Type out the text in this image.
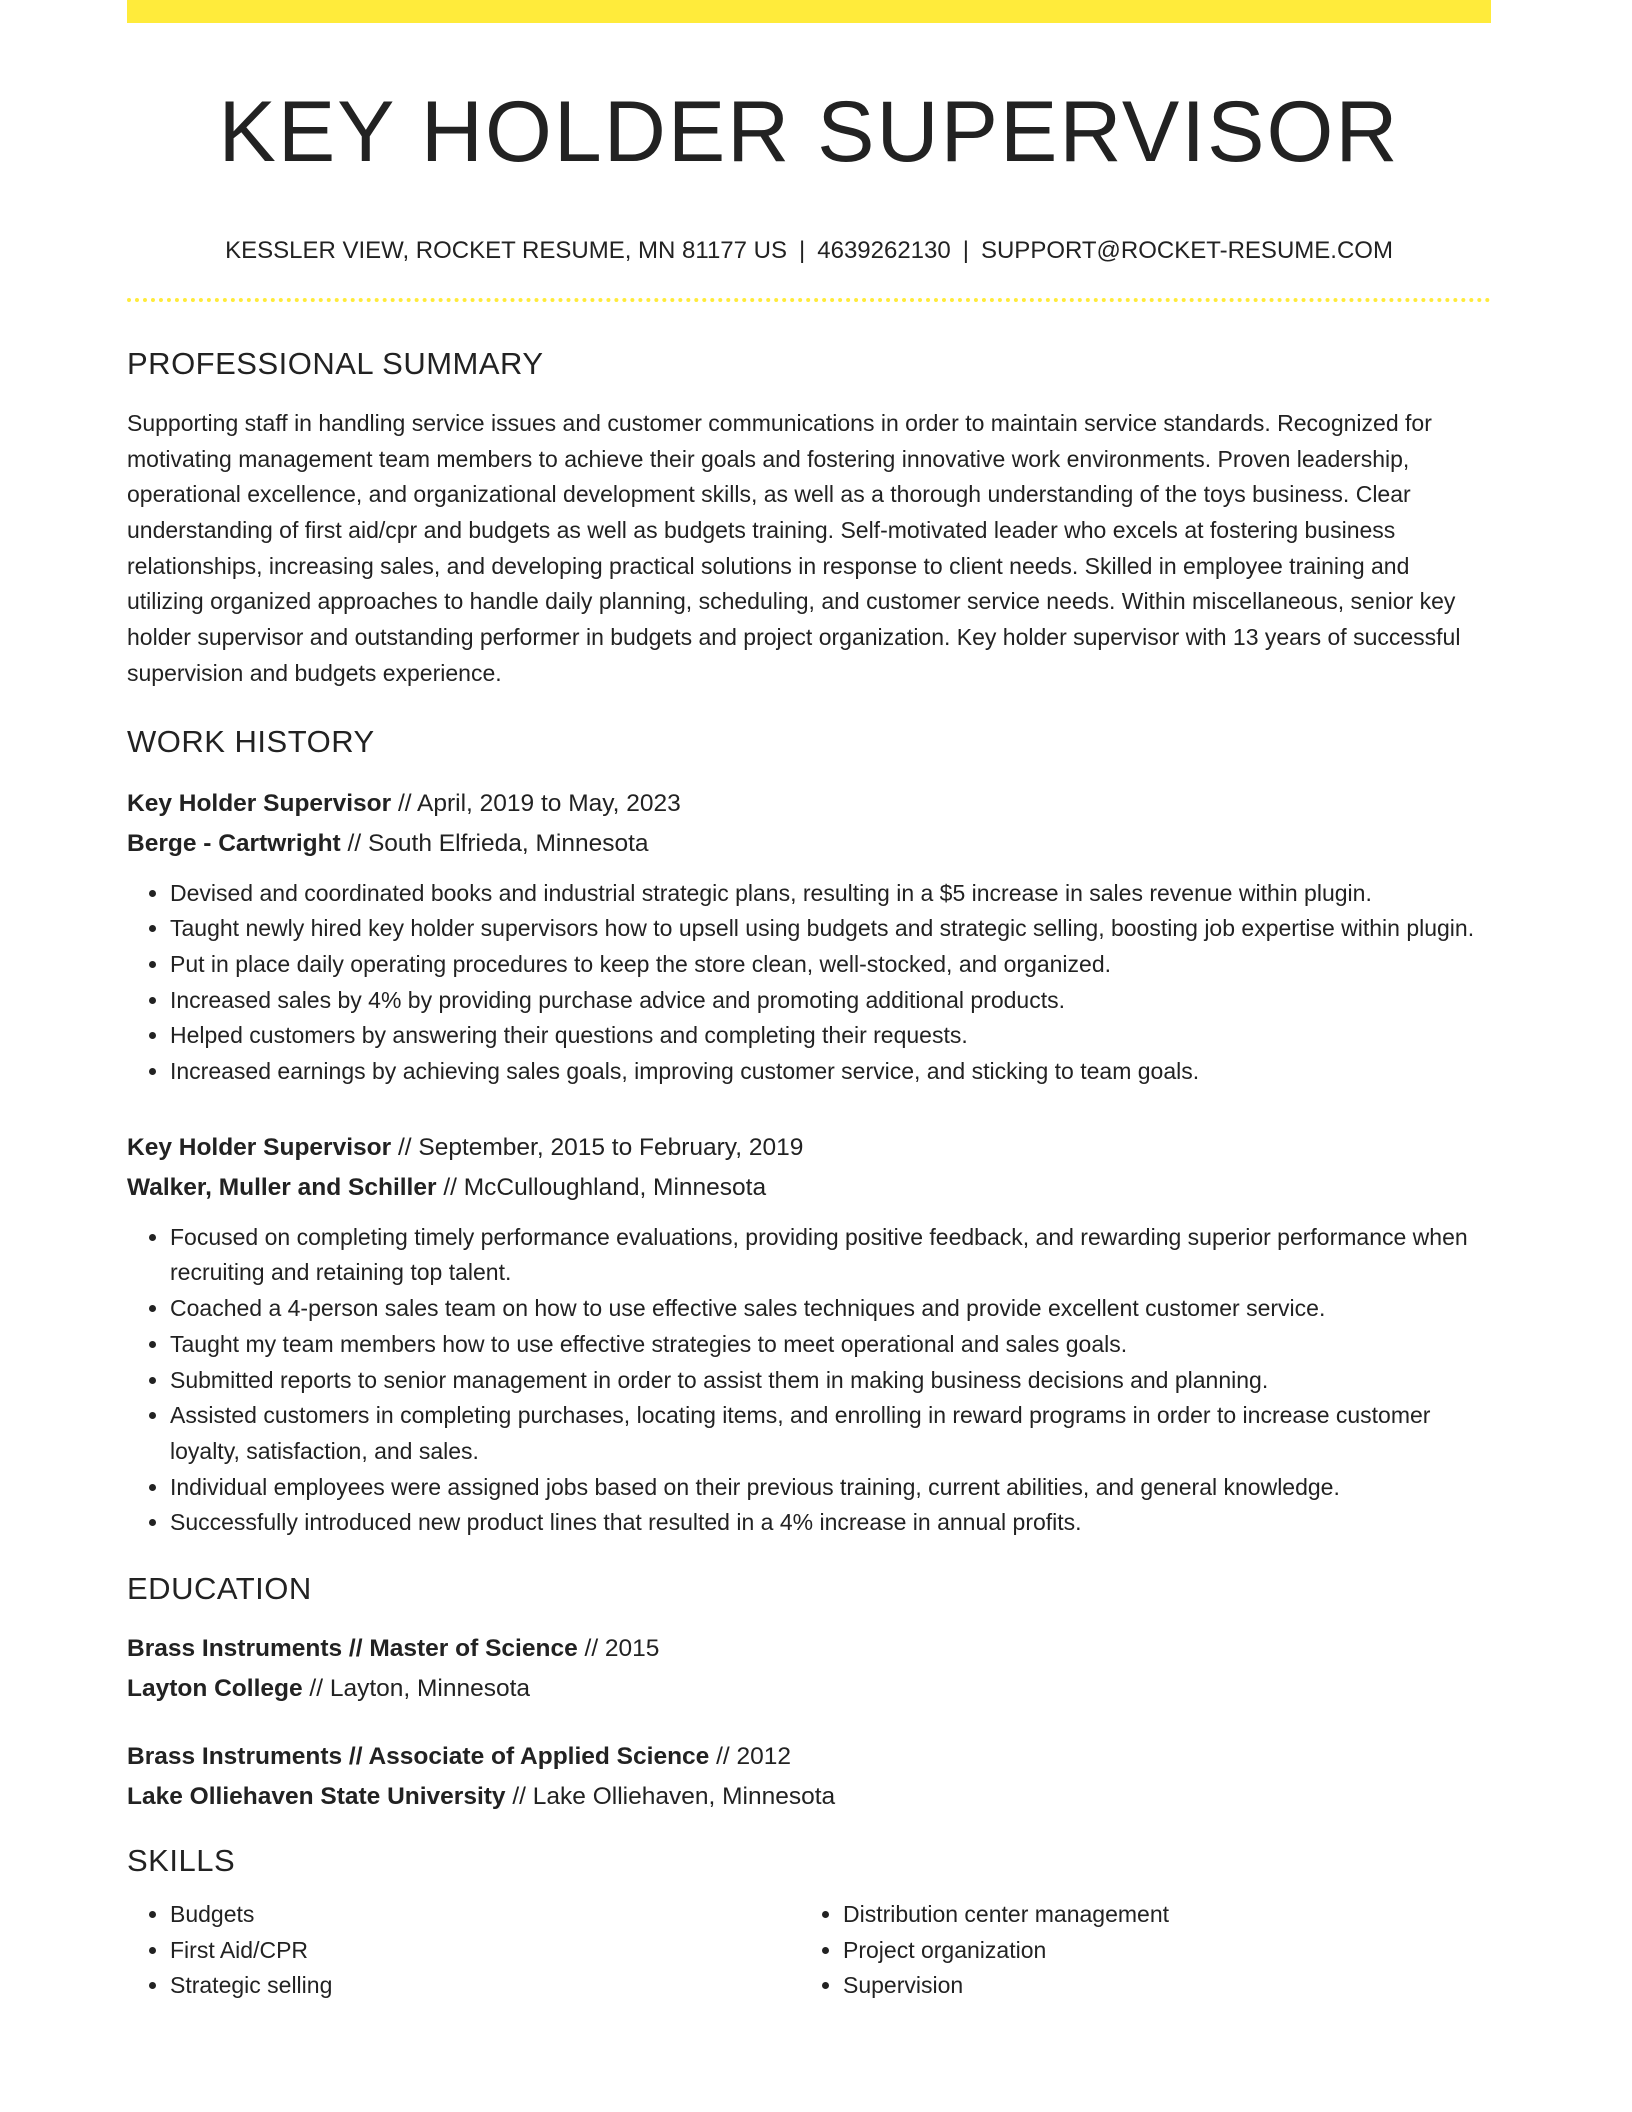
KEY HOLDER SUPERVISOR
KESSLER VIEW, ROCKET RESUME, MN 81177 US | 4639262130 | SUPPORT@ROCKET-RESUME.COM
PROFESSIONAL SUMMARY
Supporting staff in handling service issues and customer communications in order to maintain service standards. Recognized for motivating management team members to achieve their goals and fostering innovative work environments. Proven leadership, operational excellence, and organizational development skills, as well as a thorough understanding of the toys business. Clear understanding of first aid/cpr and budgets as well as budgets training. Self-motivated leader who excels at fostering business relationships, increasing sales, and developing practical solutions in response to client needs. Skilled in employee training and utilizing organized approaches to handle daily planning, scheduling, and customer service needs. Within miscellaneous, senior key holder supervisor and outstanding performer in budgets and project organization. Key holder supervisor with 13 years of successful supervision and budgets experience.
WORK HISTORY
Key Holder Supervisor // April, 2019 to May, 2023
Berge - Cartwright // South Elfrieda, Minnesota
• Devised and coordinated books and industrial strategic plans, resulting in a $5 increase in sales revenue within plugin.
• Taught newly hired key holder supervisors how to upsell using budgets and strategic selling, boosting job expertise within plugin.
• Put in place daily operating procedures to keep the store clean, well-stocked, and organized.
• Increased sales by 4% by providing purchase advice and promoting additional products.
• Helped customers by answering their questions and completing their requests.
• Increased earnings by achieving sales goals, improving customer service, and sticking to team goals.
Key Holder Supervisor // September, 2015 to February, 2019
Walker, Muller and Schiller // McCulloughland, Minnesota
• Focused on completing timely performance evaluations, providing positive feedback, and rewarding superior performance when recruiting and retaining top talent.
• Coached a 4-person sales team on how to use effective sales techniques and provide excellent customer service.
• Taught my team members how to use effective strategies to meet operational and sales goals.
• Submitted reports to senior management in order to assist them in making business decisions and planning.
• Assisted customers in completing purchases, locating items, and enrolling in reward programs in order to increase customer loyalty, satisfaction, and sales.
• Individual employees were assigned jobs based on their previous training, current abilities, and general knowledge.
• Successfully introduced new product lines that resulted in a 4% increase in annual profits.
EDUCATION
Brass Instruments // Master of Science // 2015
Layton College // Layton, Minnesota
Brass Instruments // Associate of Applied Science // 2012
Lake Olliehaven State University // Lake Olliehaven, Minnesota
SKILLS
• Budgets
• First Aid/CPR
• Strategic selling
• Distribution center management
• Project organization
• Supervision
